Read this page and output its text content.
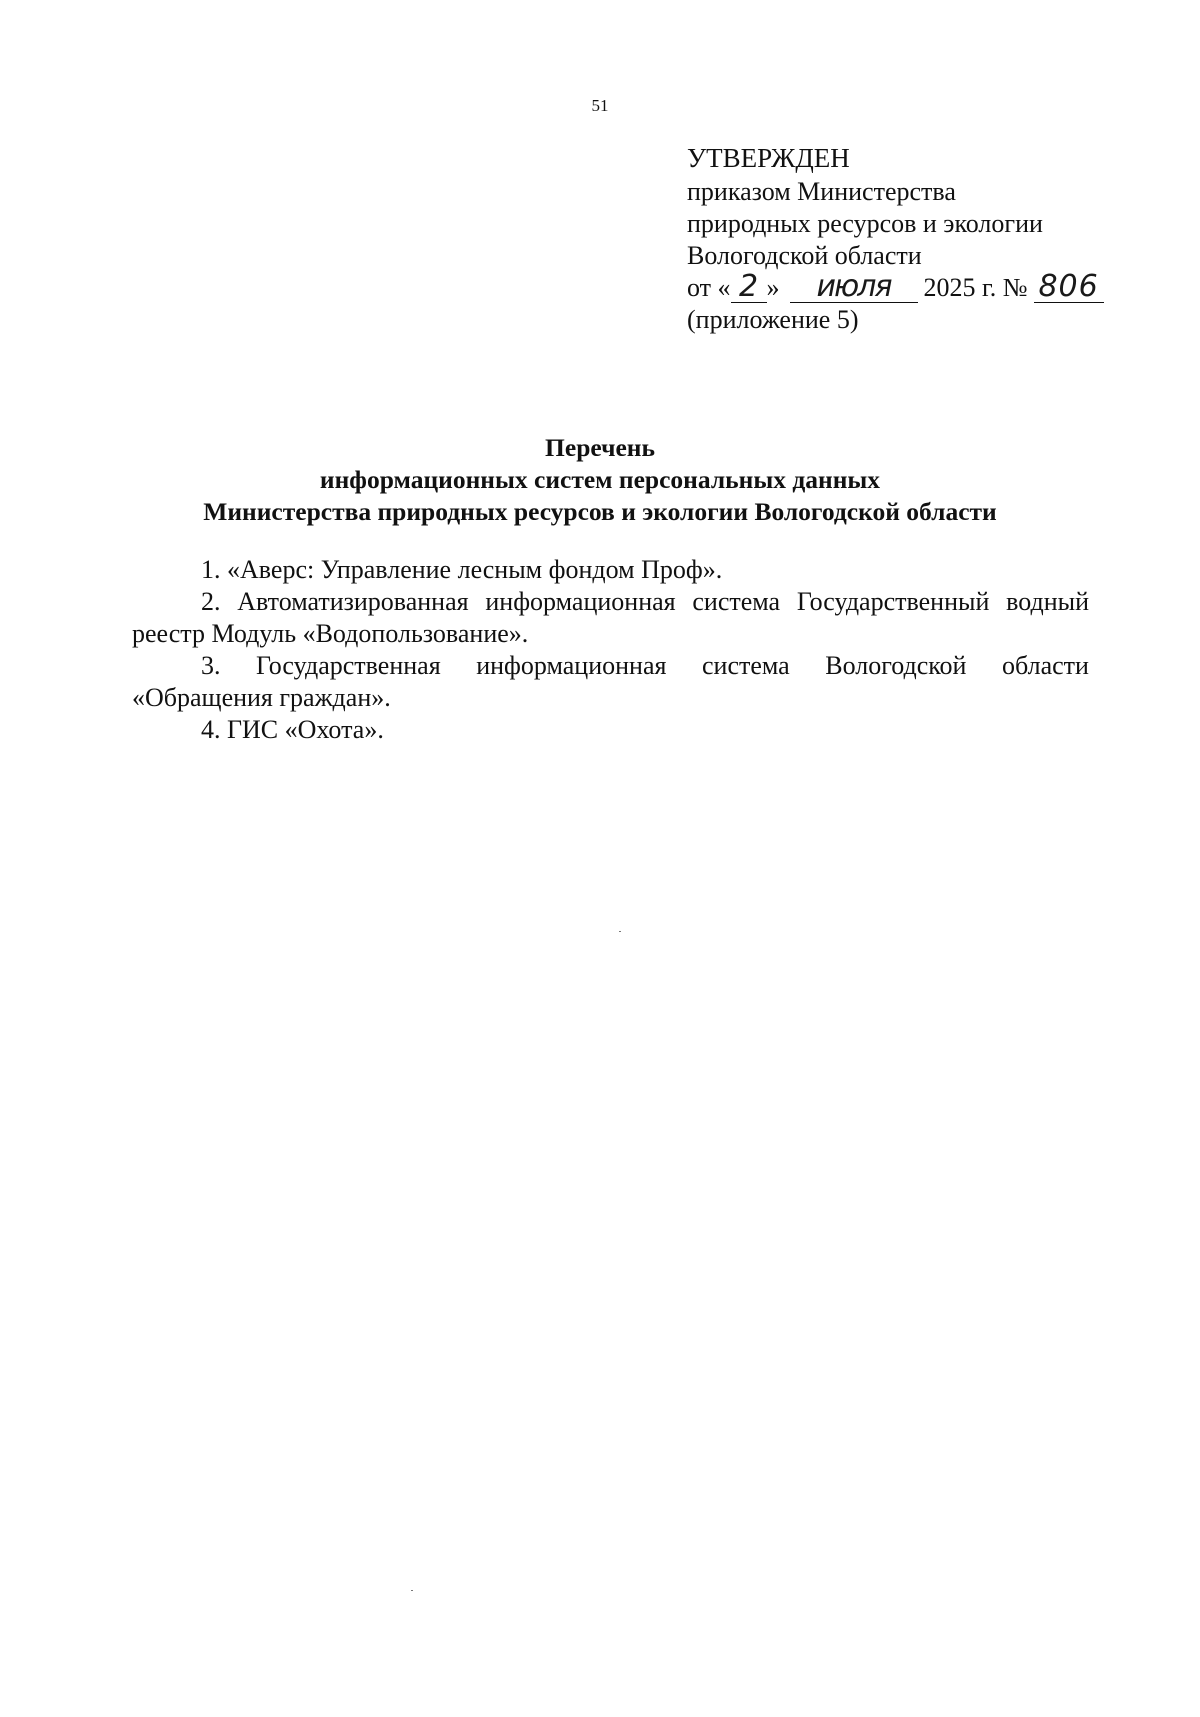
51
УТВЕРЖДЕН
приказом Министерства
природных ресурсов и экологии
Вологодской области
от « 2 » июля 2025 г. № 806
(приложение 5)
Перечень
информационных систем персональных данных
Министерства природных ресурсов и экологии Вологодской области

1. «Аверс: Управление лесным фондом Проф».

2. Автоматизированная информационная система Государственный водный реестр Модуль «Водопользование».

3. Государственная информационная система Вологодской области
«Обращения граждан».

4. ГИС «Охота».
